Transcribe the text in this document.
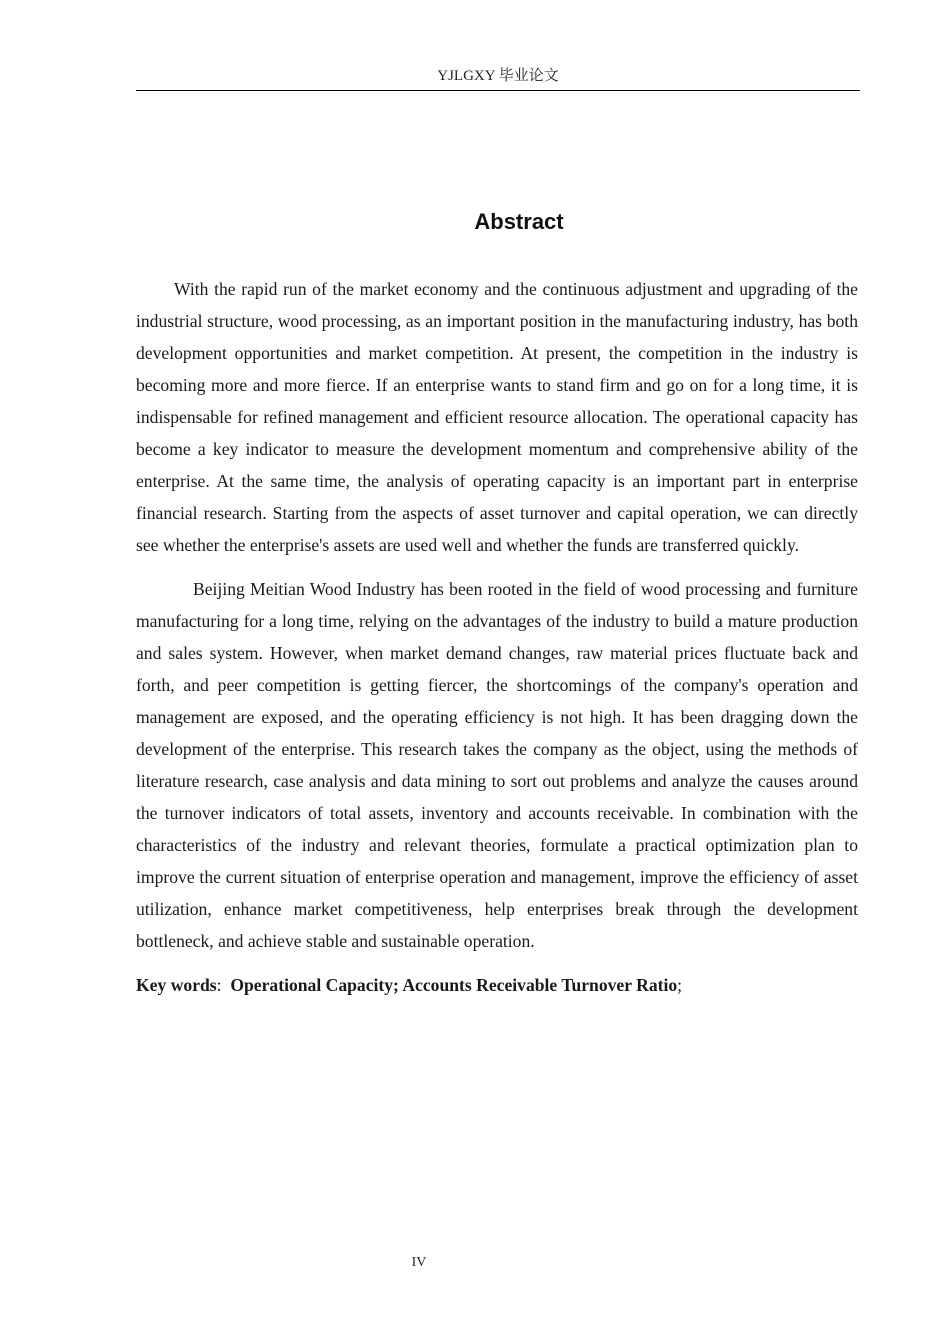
YJLGXY 毕业论文
Abstract

With the rapid run of the market economy and the continuous adjustment and upgrading of the industrial structure, wood processing, as an important position in the manufacturing industry, has both development opportunities and market competition. At present, the competition in the industry is becoming more and more fierce. If an enterprise wants to stand firm and go on for a long time, it is indispensable for refined management and efficient resource allocation. The operational capacity has become a key indicator to measure the development momentum and comprehensive ability of the enterprise. At the same time, the analysis of operating capacity is an important part in enterprise financial research. Starting from the aspects of asset turnover and capital operation, we can directly see whether the enterprise's assets are used well and whether the funds are transferred quickly.

Beijing Meitian Wood Industry has been rooted in the field of wood processing and furniture manufacturing for a long time, relying on the advantages of the industry to build a mature production and sales system. However, when market demand changes, raw material prices fluctuate back and forth, and peer competition is getting fiercer, the shortcomings of the company's operation and management are exposed, and the operating efficiency is not high. It has been dragging down the development of the enterprise. This research takes the company as the object, using the methods of literature research, case analysis and data mining to sort out problems and analyze the causes around the turnover indicators of total assets, inventory and accounts receivable. In combination with the characteristics of the industry and relevant theories, formulate a practical optimization plan to improve the current situation of enterprise operation and management, improve the efficiency of asset utilization, enhance market competitiveness, help enterprises break through the development bottleneck, and achieve stable and sustainable operation.

Key words:  Operational Capacity; Accounts Receivable Turnover Ratio;

IV
